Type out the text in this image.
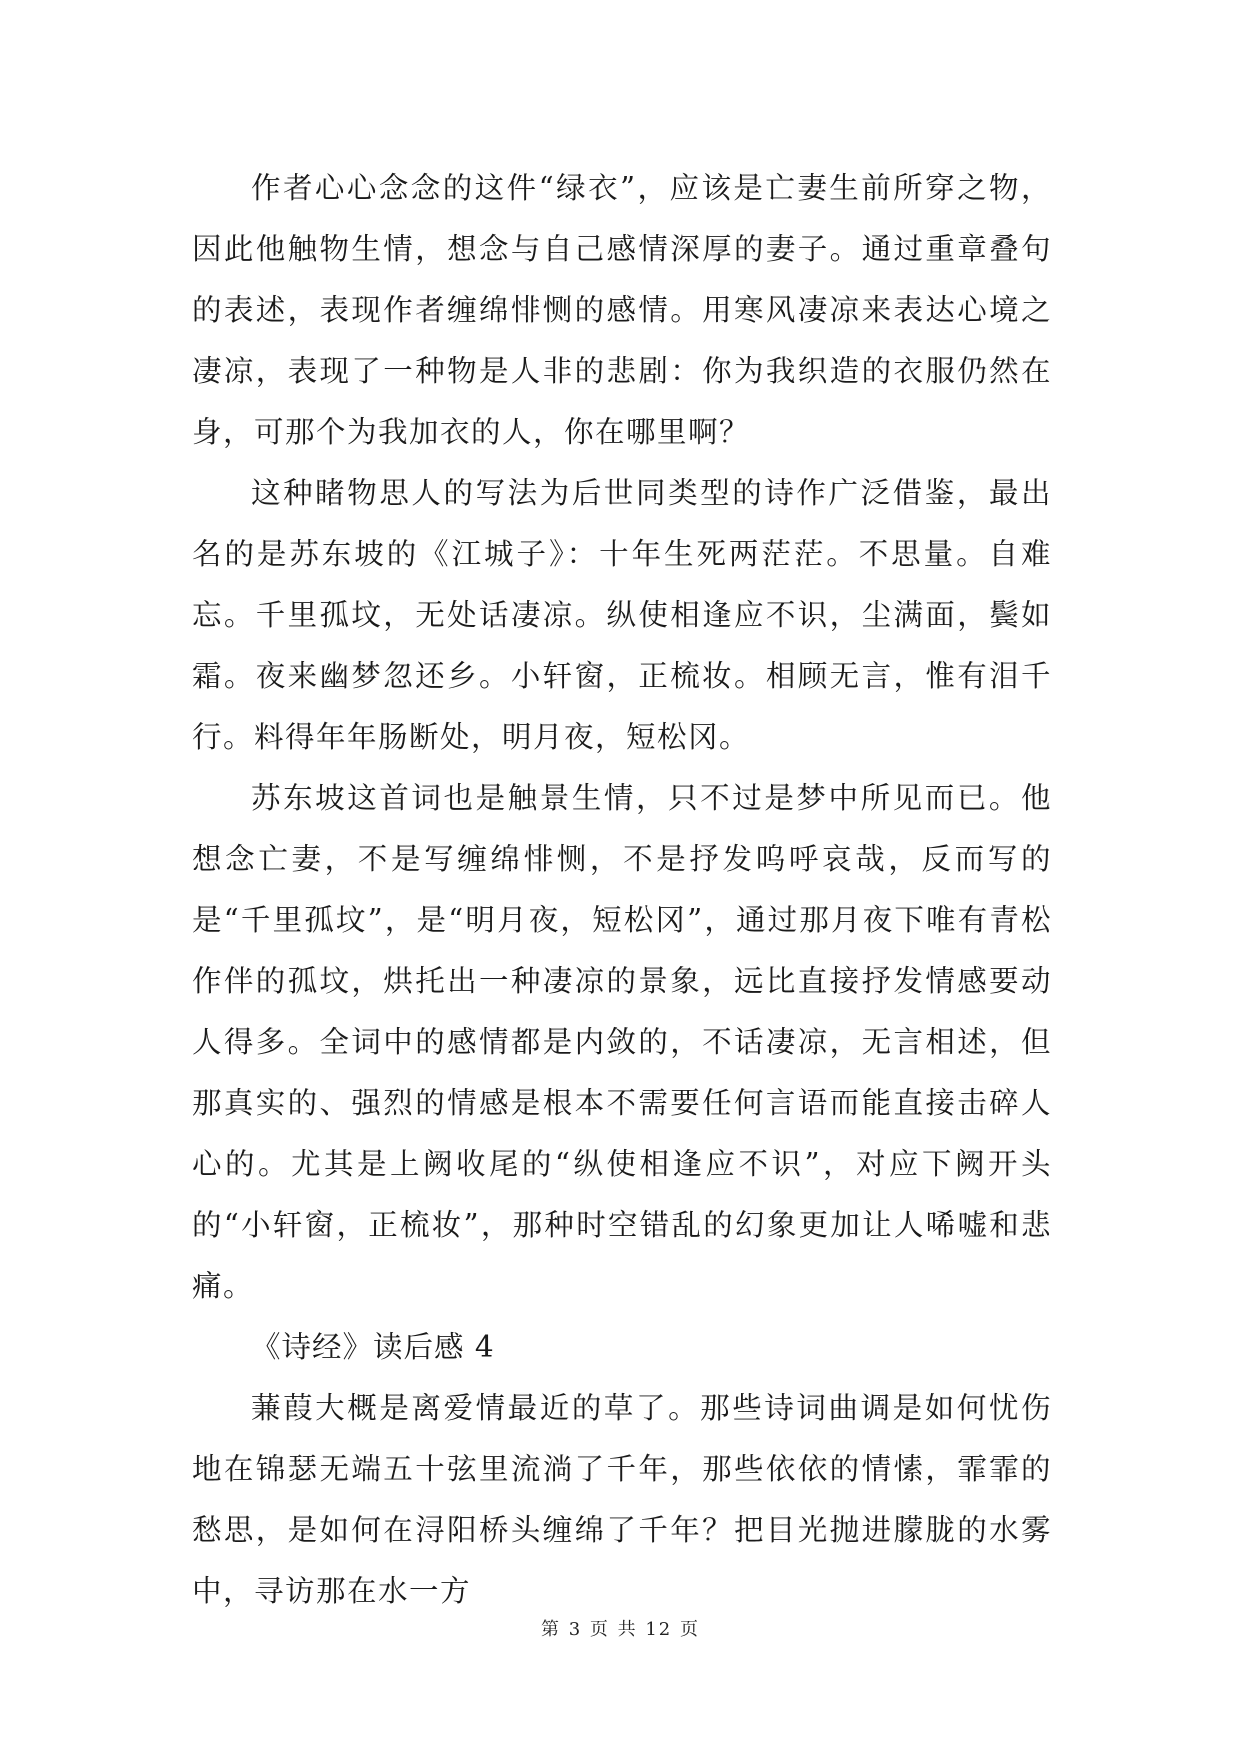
作者心心念念的这件“绿衣”，应该是亡妻生前所穿之物，因此他触物生情，想念与自己感情深厚的妻子。通过重章叠句的表述，表现作者缠绵悱恻的感情。用寒风凄凉来表达心境之凄凉，表现了一种物是人非的悲剧：你为我织造的衣服仍然在身，可那个为我加衣的人，你在哪里啊？

这种睹物思人的写法为后世同类型的诗作广泛借鉴，最出名的是苏东坡的《江城子》：十年生死两茫茫。不思量。自难忘。千里孤坟，无处话凄凉。纵使相逢应不识，尘满面，鬓如霜。夜来幽梦忽还乡。小轩窗，正梳妆。相顾无言，惟有泪千行。料得年年肠断处，明月夜，短松冈。

苏东坡这首词也是触景生情，只不过是梦中所见而已。他想念亡妻，不是写缠绵悱恻，不是抒发呜呼哀哉，反而写的是“千里孤坟”，是“明月夜，短松冈”，通过那月夜下唯有青松作伴的孤坟，烘托出一种凄凉的景象，远比直接抒发情感要动人得多。全词中的感情都是内敛的，不话凄凉，无言相述，但那真实的、强烈的情感是根本不需要任何言语而能直接击碎人心的。尤其是上阙收尾的“纵使相逢应不识”，对应下阙开头的“小轩窗，正梳妆”，那种时空错乱的幻象更加让人唏嘘和悲痛。

《诗经》读后感 4

蒹葭大概是离爱情最近的草了。那些诗词曲调是如何忧伤地在锦瑟无端五十弦里流淌了千年，那些依依的情愫，霏霏的愁思，是如何在浔阳桥头缠绵了千年？把目光抛进朦胧的水雾中，寻访那在水一方

第 3 页 共 12 页
